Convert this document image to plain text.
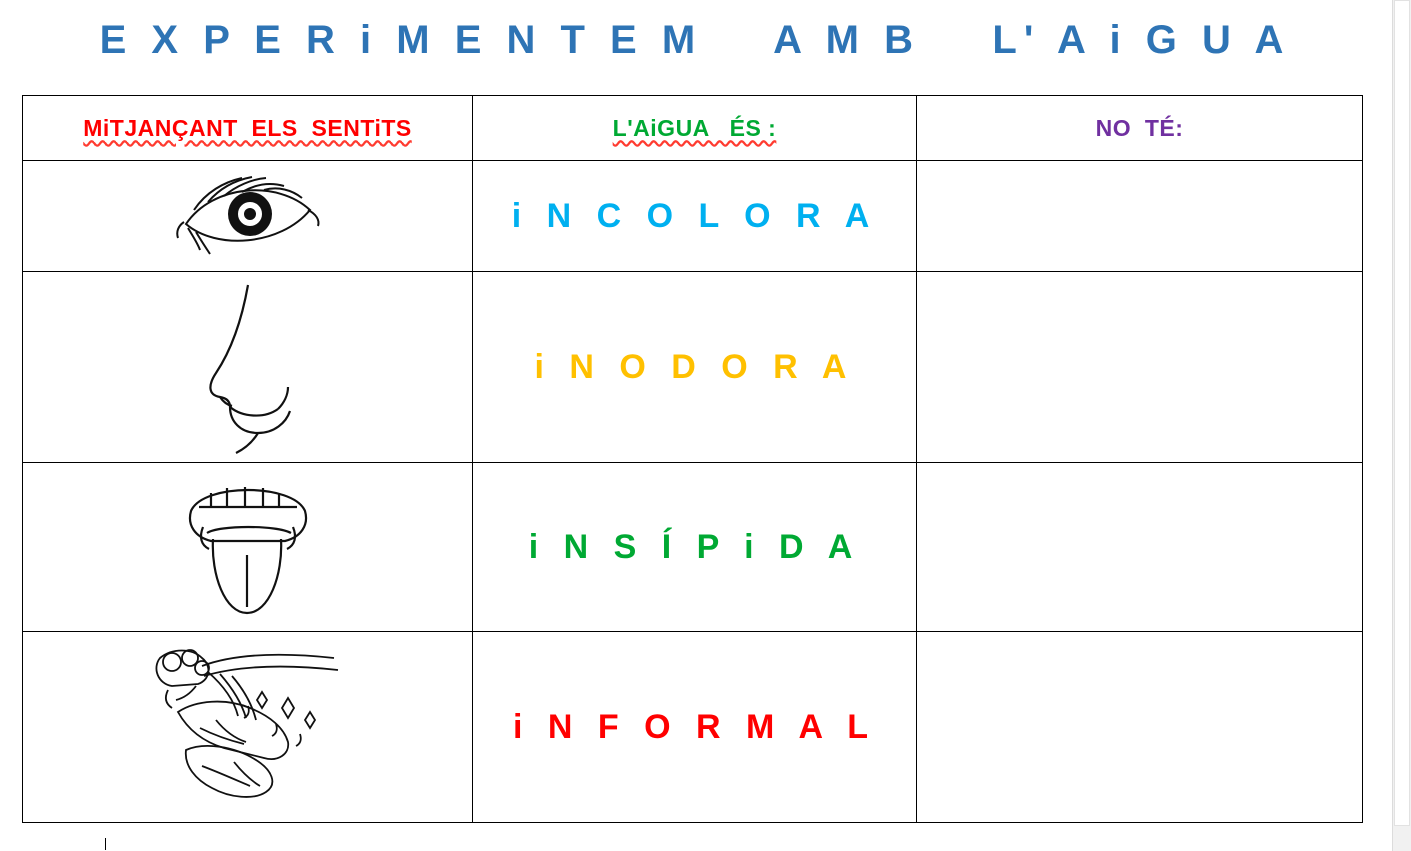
E X P E R i M E N T E M    A M B    L' A i G U A
MiTJANÇANT  ELS  SENTiTS	L'AiGUA   ÉS :	NO  TÉ:

	i N C O L O R A	

	i N O D O R A	

	i N S Í P i D A	

	i N F O R M A L	
